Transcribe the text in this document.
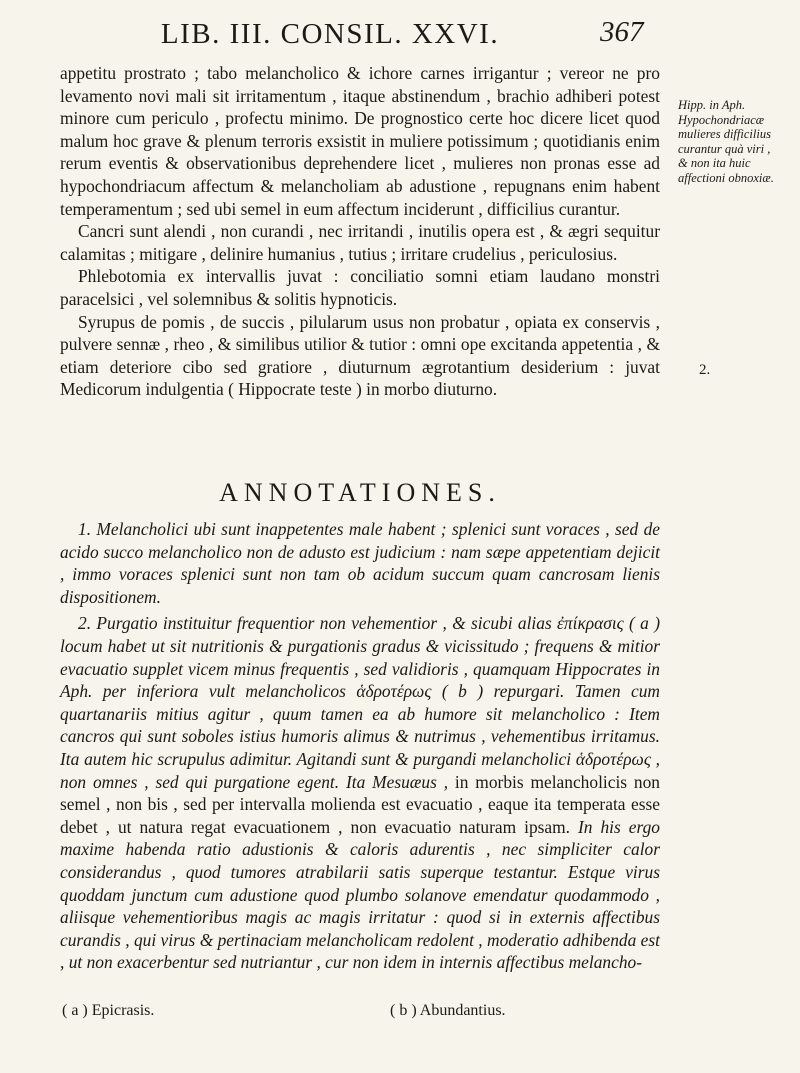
LIB. III. CONSIL. XXVI.	367

appetitu prostrato ; tabo melancholico & ichore carnes irrigantur ; vereor ne pro levamento novi mali sit irritamentum , itaque abstinendum , brachio adhiberi potest minore cum periculo , profectu minimo. De prognostico certe hoc dicere licet quod malum hoc grave & plenum terroris exsistit in muliere potissimum ; quotidianis enim rerum eventis & observationibus deprehendere licet , mulieres non pronas esse ad hypochondriacum affectum & melancholiam ab adustione , repugnans enim habent temperamentum ; sed ubi semel in eum affectum inciderunt , difficilius curantur.

Cancri sunt alendi , non curandi , nec irritandi , inutilis opera est , & ægri sequitur calamitas ; mitigare , delinire humanius , tutius ; irritare crudelius , periculosius.

Phlebotomia ex intervallis juvat : conciliatio somni etiam laudano monstri paracelsici , vel solemnibus & solitis hypnoticis.

Syrupus de pomis , de succis , pilularum usus non probatur , opiata ex conservis , pulvere sennæ , rheo , & similibus utilior & tutior : omni ope excitanda appetentia , & etiam deteriore cibo sed gratiore , diuturnum ægrotantium desiderium : juvat Medicorum indulgentia ( Hippocrate teste ) in morbo diuturno.

Hipp. in Aph. Hypochondriacæ mulieres difficilius curantur quà viri , & non ita huic affectioni obnoxiæ.
2.
ANNOTATIONES.

1. Melancholici ubi sunt inappetentes male habent ; splenici sunt voraces , sed de acido succo melancholico non de adusto est judicium : nam sæpe appetentiam dejicit , immo voraces splenici sunt non tam ob acidum succum quam cancrosam lienis dispositionem.

2. Purgatio instituitur frequentior non vehementior , & sicubi alias ἐπίκρασις ( a ) locum habet ut sit nutritionis & purgationis gradus & vicissitudo ; frequens & mitior evacuatio supplet vicem minus frequentis , sed validioris , quamquam Hippocrates in Aph. per inferiora vult melancholicos ἁδροτέρως ( b ) repurgari. Tamen cum quartanariis mitius agitur , quum tamen ea ab humore sit melancholico : Item cancros qui sunt soboles istius humoris alimus & nutrimus , vehementibus irritamus. Ita autem hic scrupulus adimitur. Agitandi sunt & purgandi melancholici ἁδροτέρως , non omnes , sed qui purgatione egent. Ita Mesuæus , in morbis melancholicis non semel , non bis , sed per intervalla molienda est evacuatio , eaque ita temperata esse debet , ut natura regat evacuationem , non evacuatio naturam ipsam. In his ergo maxime habenda ratio adustionis & caloris adurentis , nec simpliciter calor considerandus , quod tumores atrabilarii satis superque testantur. Estque virus quoddam junctum cum adustione quod plumbo solanove emendatur quodammodo , aliisque vehementioribus magis ac magis irritatur : quod si in externis affectibus curandis , qui virus & pertinaciam melancholicam redolent , moderatio adhibenda est , ut non exacerbentur sed nutriantur , cur non idem in internis affectibus melancho-

( a ) Epicrasis.	( b ) Abundantius.
